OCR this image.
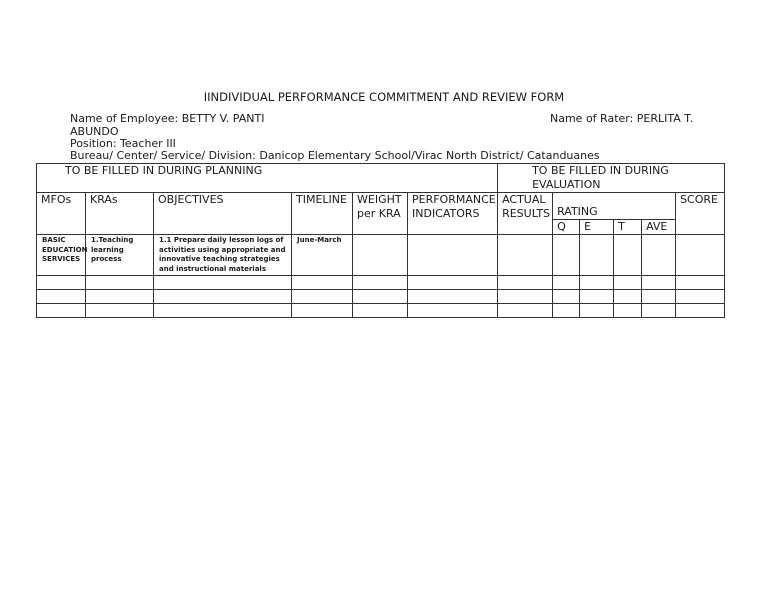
IINDIVIDUAL PERFORMANCE COMMITMENT AND REVIEW FORM
Name of Employee: BETTY V. PANTI ABUNDO
Name of Rater: PERLITA T.
Position: Teacher III
Bureau/ Center/ Service/ Division: Danicop Elementary School/Virac North District/ Catanduanes
TO BE FILLED IN DURING PLANNING						TO BE FILLED IN DURING EVALUATION					
MFOs	KRAs	OBJECTIVES	TIMELINE	WEIGHT per KRA	PERFORMANCE INDICATORS	ACTUAL RESULTS	RATING				SCORE
							Q	E	T	AVE	
BASIC EDUCATION SERVICES	1.Teaching learning process	1.1 Prepare daily lesson logs of activities using appropriate and innovative teaching strategies and instructional materials	June-March								
